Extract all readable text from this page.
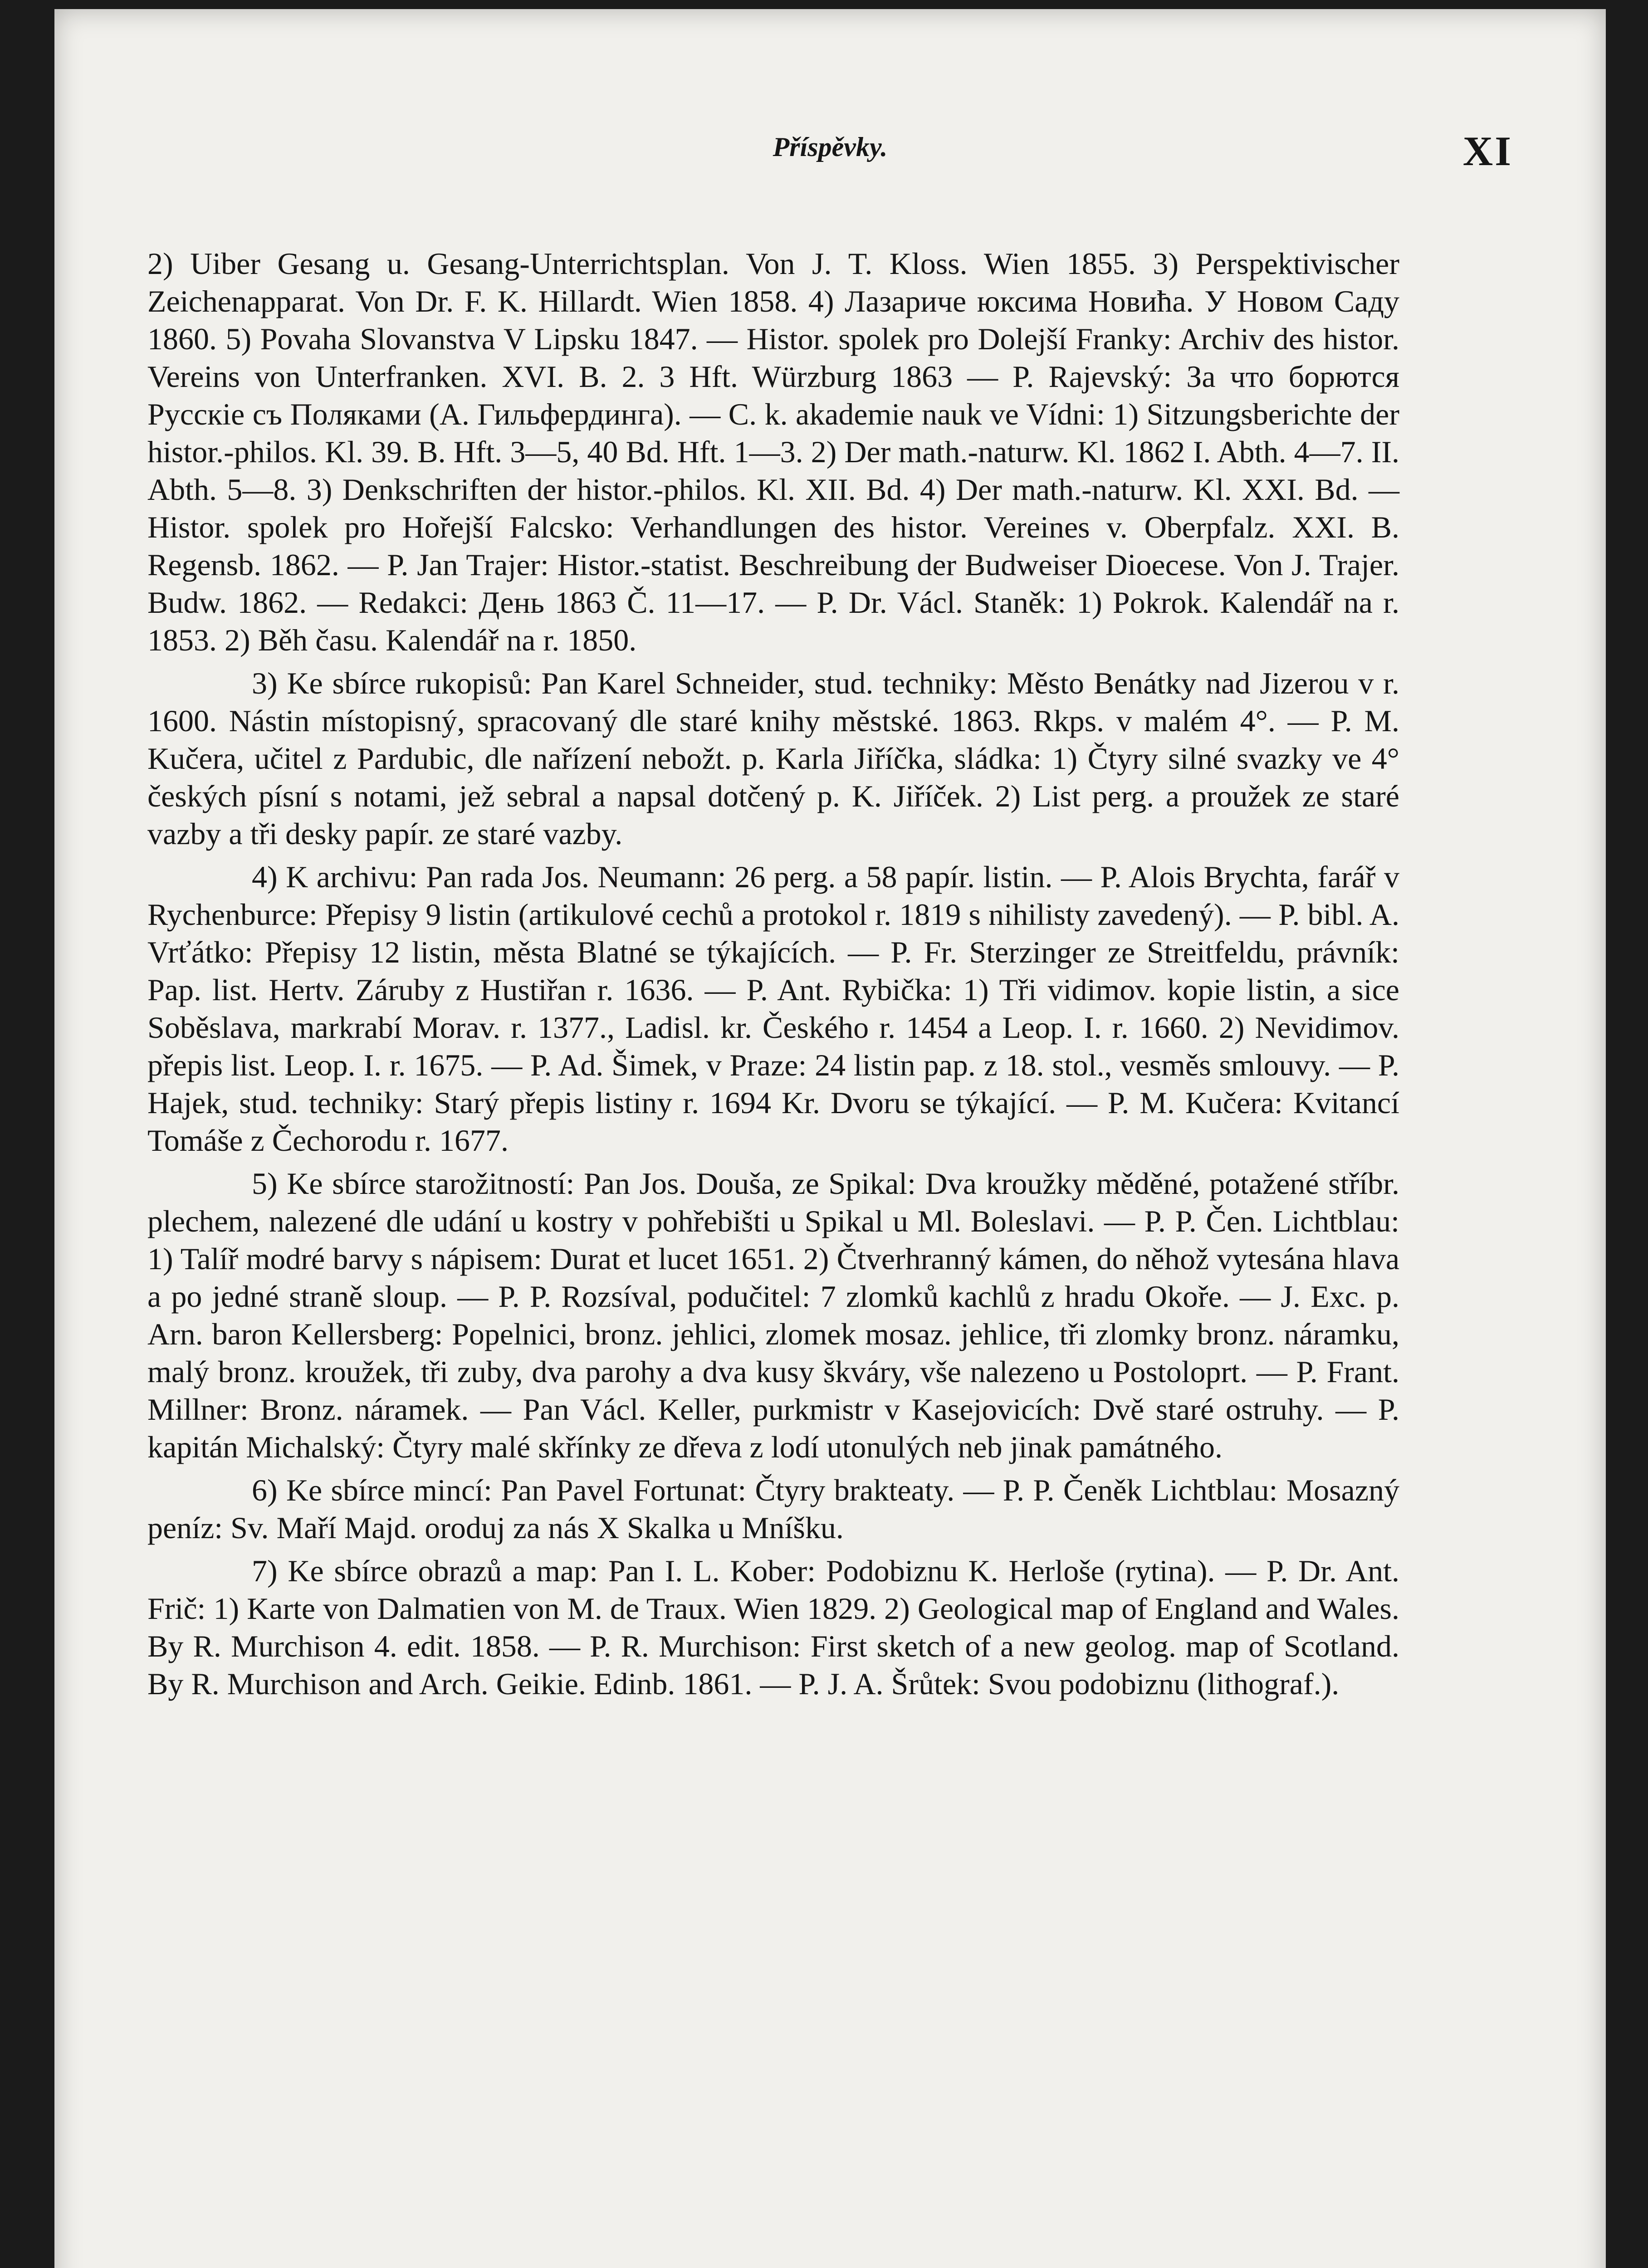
Příspěvky.	XI

2) Uiber Gesang u. Gesang-Unterrichtsplan. Von J. T. Kloss. Wien 1855. 3) Perspektivischer Zeichenapparat. Von Dr. F. K. Hillardt. Wien 1858. 4) Лазариче юксима Новиħа. У Новом Саду 1860. 5) Povaha Slovanstva V Lipsku 1847. — Histor. spolek pro Dolejší Franky: Archiv des histor. Vereins von Unterfranken. XVI. B. 2. 3 Hft. Würzburg 1863 — P. Rajevský: За что борются Русскіе съ Поляками (А. Гильфердинга). — C. k. akademie nauk ve Vídni: 1) Sitzungsberichte der histor.-philos. Kl. 39. B. Hft. 3—5, 40 Bd. Hft. 1—3. 2) Der math.-naturw. Kl. 1862 I. Abth. 4—7. II. Abth. 5—8. 3) Denkschriften der histor.-philos. Kl. XII. Bd. 4) Der math.-naturw. Kl. XXI. Bd. — Histor. spolek pro Hořejší Falcsko: Verhandlungen des histor. Vereines v. Oberpfalz. XXI. B. Regensb. 1862. — P. Jan Trajer: Histor.-statist. Beschreibung der Budweiser Dioecese. Von J. Trajer. Budw. 1862. — Redakci: День 1863 Č. 11—17. — P. Dr. Václ. Staněk: 1) Pokrok. Kalendář na r. 1853. 2) Běh času. Kalendář na r. 1850.

3) Ke sbírce rukopisů: Pan Karel Schneider, stud. techniky: Město Benátky nad Jizerou v r. 1600. Nástin místopisný, spracovaný dle staré knihy městské. 1863. Rkps. v malém 4°. — P. M. Kučera, učitel z Pardubic, dle nařízení nebožt. p. Karla Jiříčka, sládka: 1) Čtyry silné svazky ve 4° českých písní s notami, jež sebral a napsal dotčený p. K. Jiříček. 2) List perg. a proužek ze staré vazby a tři desky papír. ze staré vazby.

4) K archivu: Pan rada Jos. Neumann: 26 perg. a 58 papír. listin. — P. Alois Brychta, farář v Rychenburce: Přepisy 9 listin (artikulové cechů a protokol r. 1819 s nihilisty zavedený). — P. bibl. A. Vrťátko: Přepisy 12 listin, města Blatné se týkajících. — P. Fr. Sterzinger ze Streitfeldu, právník: Pap. list. Hertv. Záruby z Hustiřan r. 1636. — P. Ant. Rybička: 1) Tři vidimov. kopie listin, a sice Soběslava, markrabí Morav. r. 1377., Ladisl. kr. Českého r. 1454 a Leop. I. r. 1660. 2) Nevidimov. přepis list. Leop. I. r. 1675. — P. Ad. Šimek, v Praze: 24 listin pap. z 18. stol., vesměs smlouvy. — P. Hajek, stud. techniky: Starý přepis listiny r. 1694 Kr. Dvoru se týkající. — P. M. Kučera: Kvitancí Tomáše z Čechorodu r. 1677.

5) Ke sbírce starožitností: Pan Jos. Douša, ze Spikal: Dva kroužky měděné, potažené stříbr. plechem, nalezené dle udání u kostry v pohřebišti u Spikal u Ml. Boleslavi. — P. P. Čen. Lichtblau: 1) Talíř modré barvy s nápisem: Durat et lucet 1651. 2) Čtverhranný kámen, do něhož vytesána hlava a po jedné straně sloup. — P. P. Rozsíval, podučitel: 7 zlomků kachlů z hradu Okoře. — J. Exc. p. Arn. baron Kellersberg: Popelnici, bronz. jehlici, zlomek mosaz. jehlice, tři zlomky bronz. náramku, malý bronz. kroužek, tři zuby, dva parohy a dva kusy škváry, vše nalezeno u Postoloprt. — P. Frant. Millner: Bronz. náramek. — Pan Václ. Keller, purkmistr v Kasejovicích: Dvě staré ostruhy. — P. kapitán Michalský: Čtyry malé skřínky ze dřeva z lodí utonulých neb jinak památného.

6) Ke sbírce mincí: Pan Pavel Fortunat: Čtyry brakteaty. — P. P. Čeněk Lichtblau: Mosazný peníz: Sv. Maří Majd. oroduj za nás X Skalka u Mníšku.

7) Ke sbírce obrazů a map: Pan I. L. Kober: Podobiznu K. Herloše (rytina). — P. Dr. Ant. Frič: 1) Karte von Dalmatien von M. de Traux. Wien 1829. 2) Geological map of England and Wales. By R. Murchison 4. edit. 1858. — P. R. Murchison: First sketch of a new geolog. map of Scotland. By R. Murchison and Arch. Geikie. Edinb. 1861. — P. J. A. Šrůtek: Svou podobiznu (lithograf.).
